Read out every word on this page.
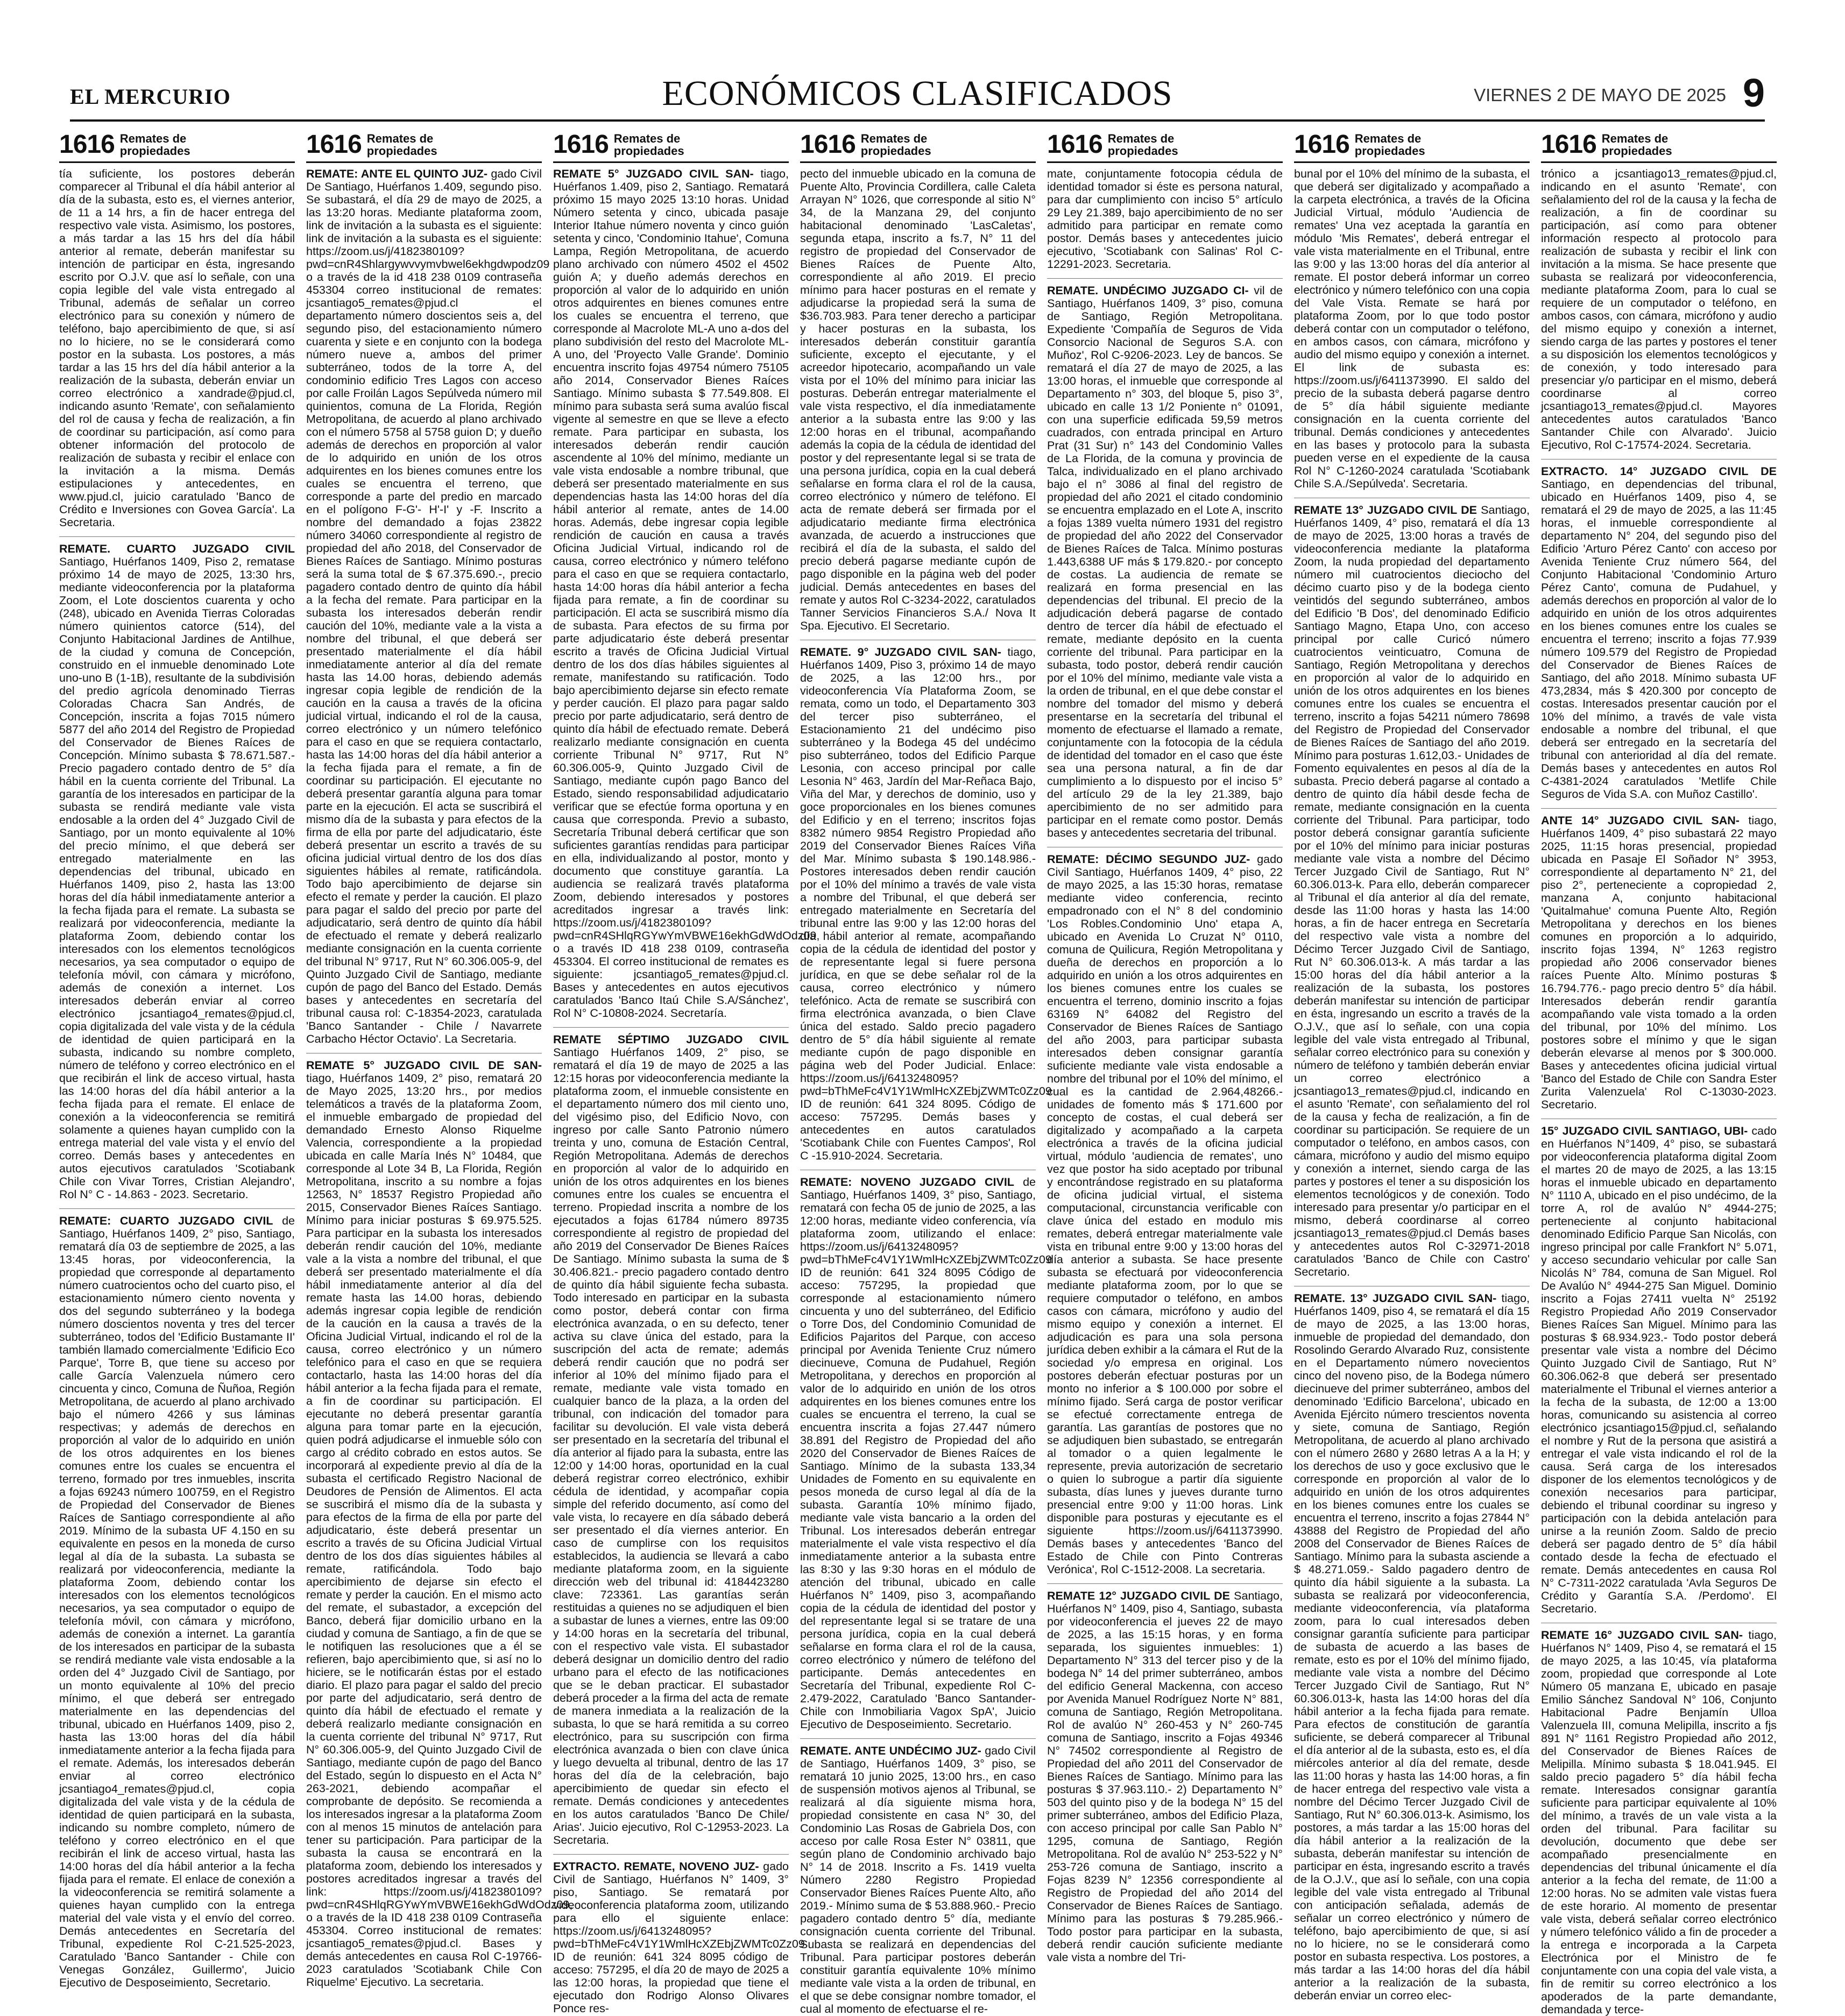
EL MERCURIO	ECONÓMICOS CLASIFICADOS	VIERNES 2 DE MAYO DE 2025 9
1616 Remates de propiedades

tía suficiente, los postores deberán comparecer al Tribunal el día hábil anterior al día de la subasta, esto es, el viernes anterior, de 11 a 14 hrs, a fin de hacer entrega del respectivo vale vista. Asimismo, los postores, a más tardar a las 15 hrs del día hábil anterior al remate, deberán manifestar su intención de participar en ésta, ingresando escrito por O.J.V. que así lo señale, con una copia legible del vale vista entregado al Tribunal, además de señalar un correo electrónico para su conexión y número de teléfono, bajo apercibimiento de que, si así no lo hiciere, no se le considerará como postor en la subasta. Los postores, a más tardar a las 15 hrs del día hábil anterior a la realización de la subasta, deberán enviar un correo electrónico a xandrade@pjud.cl, indicando asunto 'Remate', con señalamiento del rol de causa y fecha de realización, a fin de coordinar su participación, así como para obtener información del protocolo de realización de subasta y recibir el enlace con la invitación a la misma. Demás estipulaciones y antecedentes, en www.pjud.cl, juicio caratulado 'Banco de Crédito e Inversiones con Govea García'. La Secretaria.

REMATE. CUARTO JUZGADO CIVIL Santiago, Huérfanos 1409, Piso 2, rematase próximo 14 de mayo de 2025, 13:30 hrs, mediante videoconferencia por la plataforma Zoom, el Lote doscientos cuarenta y ocho (248), ubicado en Avenida Tierras Coloradas número quinientos catorce (514), del Conjunto Habitacional Jardines de Antilhue, de la ciudad y comuna de Concepción, construido en el inmueble denominado Lote uno-uno B (1-1B), resultante de la subdivisión del predio agrícola denominado Tierras Coloradas Chacra San Andrés, de Concepción, inscrita a fojas 7015 número 5877 del año 2014 del Registro de Propiedad del Conservador de Bienes Raíces de Concepción. Mínimo subasta $ 78.671.587.- Precio pagadero contado dentro de 5° día hábil en la cuenta corriente del Tribunal. La garantía de los interesados en participar de la subasta se rendirá mediante vale vista endosable a la orden del 4° Juzgado Civil de Santiago, por un monto equivalente al 10% del precio mínimo, el que deberá ser entregado materialmente en las dependencias del tribunal, ubicado en Huérfanos 1409, piso 2, hasta las 13:00 horas del día hábil inmediatamente anterior a la fecha fijada para el remate. La subasta se realizará por videoconferencia, mediante la plataforma Zoom, debiendo contar los interesados con los elementos tecnológicos necesarios, ya sea computador o equipo de telefonía móvil, con cámara y micrófono, además de conexión a internet. Los interesados deberán enviar al correo electrónico jcsantiago4_remates@pjud.cl, copia digitalizada del vale vista y de la cédula de identidad de quien participará en la subasta, indicando su nombre completo, número de teléfono y correo electrónico en el que recibirán el link de acceso virtual, hasta las 14:00 horas del día hábil anterior a la fecha fijada para el remate. El enlace de conexión a la videoconferencia se remitirá solamente a quienes hayan cumplido con la entrega material del vale vista y el envío del correo. Demás bases y antecedentes en autos ejecutivos caratulados 'Scotiabank Chile con Vivar Torres, Cristian Alejandro', Rol N° C - 14.863 - 2023. Secretario.

REMATE: CUARTO JUZGADO CIVIL de Santiago, Huérfanos 1409, 2° piso, Santiago, rematará día 03 de septiembre de 2025, a las 13:45 horas, por videoconferencia, la propiedad que corresponde al departamento número cuatrocientos ocho del cuarto piso, el estacionamiento número ciento noventa y dos del segundo subterráneo y la bodega número doscientos noventa y tres del tercer subterráneo, todos del 'Edificio Bustamante II' también llamado comercialmente 'Edificio Eco Parque', Torre B, que tiene su acceso por calle García Valenzuela número cero cincuenta y cinco, Comuna de Ñuñoa, Región Metropolitana, de acuerdo al plano archivado bajo el número 4266 y sus láminas respectivas; y además de derechos en proporción al valor de lo adquirido en unión de los otros adquirentes en los bienes comunes entre los cuales se encuentra el terreno, formado por tres inmuebles, inscrita a fojas 69243 número 100759, en el Registro de Propiedad del Conservador de Bienes Raíces de Santiago correspondiente al año 2019. Mínimo de la subasta UF 4.150 en su equivalente en pesos en la moneda de curso legal al día de la subasta. La subasta se realizará por videoconferencia, mediante la plataforma Zoom, debiendo contar los interesados con los elementos tecnológicos necesarios, ya sea computador o equipo de telefonía móvil, con cámara y micrófono, además de conexión a internet. La garantía de los interesados en participar de la subasta se rendirá mediante vale vista endosable a la orden del 4° Juzgado Civil de Santiago, por un monto equivalente al 10% del precio mínimo, el que deberá ser entregado materialmente en las dependencias del tribunal, ubicado en Huérfanos 1409, piso 2, hasta las 13:00 horas del día hábil inmediatamente anterior a la fecha fijada para el remate. Además, los interesados deberán enviar al correo electrónico jcsantiago4_remates@pjud.cl, copia digitalizada del vale vista y de la cédula de identidad de quien participará en la subasta, indicando su nombre completo, número de teléfono y correo electrónico en el que recibirán el link de acceso virtual, hasta las 14:00 horas del día hábil anterior a la fecha fijada para el remate. El enlace de conexión a la videoconferencia se remitirá solamente a quienes hayan cumplido con la entrega material del vale vista y el envío del correo. Demás antecedentes en Secretaría del Tribunal, expediente Rol C-21.525-2023, Caratulado 'Banco Santander - Chile con Venegas González, Guillermo', Juicio Ejecutivo de Desposeimiento, Secretario.

1616 Remates de propiedades

REMATE: ANTE EL QUINTO JUZ- gado Civil De Santiago, Huérfanos 1.409, segundo piso. Se subastará, el día 29 de mayo de 2025, a las 13:20 horas. Mediante plataforma zoom, link de invitación a la subasta es el siguiente: link de invitación a la subasta es el siguiente: https://zoom.us/j/4182380109?pwd=cnR4Shlargywvvymvbwel6ekhgdwpodz09 o a través de la id 418 238 0109 contraseña 453304 correo institucional de remates: jcsantiago5_remates@pjud.cl el departamento número doscientos seis a, del segundo piso, del estacionamiento número cuarenta y siete e en conjunto con la bodega número nueve a, ambos del primer subterráneo, todos de la torre A, del condominio edificio Tres Lagos con acceso por calle Froilán Lagos Sepúlveda número mil quinientos, comuna de La Florida, Región Metropolitana, de acuerdo al plano archivado con el número 5758 al 5758 guion D; y dueño además de derechos en proporción al valor de lo adquirido en unión de los otros adquirentes en los bienes comunes entre los cuales se encuentra el terreno, que corresponde a parte del predio en marcado en el polígono F-G'- H'-I' y -F. Inscrito a nombre del demandado a fojas 23822 número 34060 correspondiente al registro de propiedad del año 2018, del Conservador de Bienes Raíces de Santiago. Mínimo posturas será la suma total de $ 67.375.690.-, precio pagadero contado dentro de quinto día hábil a la fecha del remate. Para participar en la subasta los interesados deberán rendir caución del 10%, mediante vale a la vista a nombre del tribunal, el que deberá ser presentado materialmente el día hábil inmediatamente anterior al día del remate hasta las 14.00 horas, debiendo además ingresar copia legible de rendición de la caución en la causa a través de la oficina judicial virtual, indicando el rol de la causa, correo electrónico y un número telefónico para el caso en que se requiera contactarlo, hasta las 14:00 horas del día hábil anterior a la fecha fijada para el remate, a fin de coordinar su participación. El ejecutante no deberá presentar garantía alguna para tomar parte en la ejecución. El acta se suscribirá el mismo día de la subasta y para efectos de la firma de ella por parte del adjudicatario, éste deberá presentar un escrito a través de su oficina judicial virtual dentro de los dos días siguientes hábiles al remate, ratificándola. Todo bajo apercibimiento de dejarse sin efecto el remate y perder la caución. El plazo para pagar el saldo del precio por parte del adjudicatario, será dentro de quinto día hábil de efectuado el remate y deberá realizarlo mediante consignación en la cuenta corriente del tribunal N° 9717, Rut N° 60.306.005-9, del Quinto Juzgado Civil de Santiago, mediante cupón de pago del Banco del Estado. Demás bases y antecedentes en secretaría del tribunal causa rol: C-18354-2023, caratulada 'Banco Santander - Chile / Navarrete Carbacho Héctor Octavio'. La Secretaria.

REMATE 5° JUZGADO CIVIL DE SAN- tiago, Huérfanos 1409, 2° piso, rematará 20 de Mayo 2025, 13:20 hrs., por medios telemáticos a través de la plataforma Zoom, el inmueble embargado de propiedad del demandado Ernesto Alonso Riquelme Valencia, correspondiente a la propiedad ubicada en calle María Inés N° 10484, que corresponde al Lote 34 B, La Florida, Región Metropolitana, inscrito a su nombre a fojas 12563, N° 18537 Registro Propiedad año 2015, Conservador Bienes Raíces Santiago. Mínimo para iniciar posturas $ 69.975.525. Para participar en la subasta los interesados deberán rendir caución del 10%, mediante vale a la vista a nombre del tribunal, el que deberá ser presentado materialmente el día hábil inmediatamente anterior al día del remate hasta las 14.00 horas, debiendo además ingresar copia legible de rendición de la caución en la causa a través de la Oficina Judicial Virtual, indicando el rol de la causa, correo electrónico y un número telefónico para el caso en que se requiera contactarlo, hasta las 14:00 horas del día hábil anterior a la fecha fijada para el remate, a fin de coordinar su participación. El ejecutante no deberá presentar garantía alguna para tomar parte en la ejecución, quien podrá adjudicarse el inmueble sólo con cargo al crédito cobrado en estos autos. Se incorporará al expediente previo al día de la subasta el certificado Registro Nacional de Deudores de Pensión de Alimentos. El acta se suscribirá el mismo día de la subasta y para efectos de la firma de ella por parte del adjudicatario, éste deberá presentar un escrito a través de su Oficina Judicial Virtual dentro de los dos días siguientes hábiles al remate, ratificándola. Todo bajo apercibimiento de dejarse sin efecto el remate y perder la caución. En el mismo acto del remate, el subastador, a excepción del Banco, deberá fijar domicilio urbano en la ciudad y comuna de Santiago, a fin de que se le notifiquen las resoluciones que a él se refieren, bajo apercibimiento que, si así no lo hiciere, se le notificarán éstas por el estado diario. El plazo para pagar el saldo del precio por parte del adjudicatario, será dentro de quinto día hábil de efectuado el remate y deberá realizarlo mediante consignación en la cuenta corriente del tribunal N° 9717, Rut N° 60.306.005-9, del Quinto Juzgado Civil de Santiago, mediante cupón de pago del Banco del Estado, según lo dispuesto en el Acta N° 263-2021, debiendo acompañar el comprobante de depósito. Se recomienda a los interesados ingresar a la plataforma Zoom con al menos 15 minutos de antelación para tener su participación. Para participar de la subasta la causa se encontrará en la plataforma zoom, debiendo los interesados y postores acreditados ingresar a través del link: https://zoom.us/j/4182380109?pwd=cnR4SHlqRGYwYmVBWE16ekhGdWdOdz09, o a través de la ID 418 238 0109 Contraseña 453304. Correo institucional de remates: jcsantiago5_remates@pjud.cl. Bases y demás antecedentes en causa Rol C-19766-2023 caratulados 'Scotiabank Chile Con Riquelme' Ejecutivo. La secretaria.

1616 Remates de propiedades

REMATE 5° JUZGADO CIVIL SAN- tiago, Huérfanos 1.409, piso 2, Santiago. Rematará próximo 15 mayo 2025 13:10 horas. Unidad Número setenta y cinco, ubicada pasaje Interior Itahue número noventa y cinco guión setenta y cinco, 'Condominio Itahue', Comuna Lampa, Región Metropolitana, de acuerdo plano archivado con número 4502 el 4502 guión A; y dueño además derechos en proporción al valor de lo adquirido en unión otros adquirentes en bienes comunes entre los cuales se encuentra el terreno, que corresponde al Macrolote ML-A uno a-dos del plano subdivisión del resto del Macrolote ML-A uno, del 'Proyecto Valle Grande'. Dominio encuentra inscrito fojas 49754 número 75105 año 2014, Conservador Bienes Raíces Santiago. Mínimo subasta $ 77.549.808. El mínimo para subasta será suma avalúo fiscal vigente al semestre en que se lleve a efecto remate. Para participar en subasta, los interesados deberán rendir caución ascendente al 10% del mínimo, mediante un vale vista endosable a nombre tribunal, que deberá ser presentado materialmente en sus dependencias hasta las 14:00 horas del día hábil anterior al remate, antes de 14.00 horas. Además, debe ingresar copia legible rendición de caución en causa a través Oficina Judicial Virtual, indicando rol de causa, correo electrónico y número teléfono para el caso en que se requiera contactarlo, hasta 14:00 horas día hábil anterior a fecha fijada para remate, a fin de coordinar su participación. El acta se suscribirá mismo día de subasta. Para efectos de su firma por parte adjudicatario éste deberá presentar escrito a través de Oficina Judicial Virtual dentro de los dos días hábiles siguientes al remate, manifestando su ratificación. Todo bajo apercibimiento dejarse sin efecto remate y perder caución. El plazo para pagar saldo precio por parte adjudicatario, será dentro de quinto día hábil de efectuado remate. Deberá realizarlo mediante consignación en cuenta corriente Tribunal N° 9717, Rut N° 60.306.005-9, Quinto Juzgado Civil de Santiago, mediante cupón pago Banco del Estado, siendo responsabilidad adjudicatario verificar que se efectúe forma oportuna y en causa que corresponda. Previo a subasto, Secretaría Tribunal deberá certificar que son suficientes garantías rendidas para participar en ella, individualizando al postor, monto y documento que constituye garantía. La audiencia se realizará través plataforma Zoom, debiendo interesados y postores acreditados ingresar a través link: https://zoom.us/j/4182380109? pwd=cnR4SHlqRGYwYmVBWE16ekhGdWdOdz09, o a través ID 418 238 0109, contraseña 453304. El correo institucional de remates es siguiente: jcsantiago5_remates@pjud.cl. Bases y antecedentes en autos ejecutivos caratulados 'Banco Itaú Chile S.A/Sánchez', Rol N° C-10808-2024. Secretaría.

REMATE SÉPTIMO JUZGADO CIVIL Santiago Huérfanos 1409, 2° piso, se rematará el día 19 de mayo de 2025 a las 12:15 horas por videoconferencia mediante la plataforma zoom, el inmueble consistente en el departamento número dos mil ciento uno, del vigésimo piso, del Edificio Novo, con ingreso por calle Santo Patronio número treinta y uno, comuna de Estación Central, Región Metropolitana. Además de derechos en proporción al valor de lo adquirido en unión de los otros adquirentes en los bienes comunes entre los cuales se encuentra el terreno. Propiedad inscrita a nombre de los ejecutados a fojas 61784 número 89735 correspondiente al registro de propiedad del año 2019 del Conservador De Bienes Raíces De Santiago. Mínimo subasta la suma de $ 30.406.821.- precio pagadero contado dentro de quinto día hábil siguiente fecha subasta. Todo interesado en participar en la subasta como postor, deberá contar con firma electrónica avanzada, o en su defecto, tener activa su clave única del estado, para la suscripción del acta de remate; además deberá rendir caución que no podrá ser inferior al 10% del mínimo fijado para el remate, mediante vale vista tomado en cualquier banco de la plaza, a la orden del tribunal, con indicación del tomador para facilitar su devolución. El vale vista deberá ser presentado en la secretaría del tribunal el día anterior al fijado para la subasta, entre las 12:00 y 14:00 horas, oportunidad en la cual deberá registrar correo electrónico, exhibir cédula de identidad, y acompañar copia simple del referido documento, así como del vale vista, lo recayere en día sábado deberá ser presentado el día viernes anterior. En caso de cumplirse con los requisitos establecidos, la audiencia se llevará a cabo mediante plataforma zoom, en la siguiente dirección web del tribunal id: 4184423280 clave: 723361. Las garantías serán restituidas a quienes no se adjudiquen el bien a subastar de lunes a viernes, entre las 09:00 y 14:00 horas en la secretaría del tribunal, con el respectivo vale vista. El subastador deberá designar un domicilio dentro del radio urbano para el efecto de las notificaciones que se le deban practicar. El subastador deberá proceder a la firma del acta de remate de manera inmediata a la realización de la subasta, lo que se hará remitida a su correo electrónico, para su suscripción con firma electrónica avanzada o bien con clave única y luego devuelta al tribunal, dentro de las 17 horas del día de la celebración, bajo apercibimiento de quedar sin efecto el remate. Demás condiciones y antecedentes en los autos caratulados 'Banco De Chile/ Arias'. Juicio ejecutivo, Rol C-12953-2023. La Secretaria.

EXTRACTO. REMATE, NOVENO JUZ- gado Civil de Santiago, Huérfanos N° 1409, 3° piso, Santiago. Se rematará por videoconferencia plataforma zoom, utilizando para ello el siguiente enlace: https://zoom.us/j/6413248095?pwd=bThMeFc4V1Y1WmlHcXZEbjZWMTc0Zz09 ID de reunión: 641 324 8095 código de acceso: 757295, el día 20 de mayo de 2025 a las 12:00 horas, la propiedad que tiene el ejecutado don Rodrigo Alonso Olivares Ponce res-

1616 Remates de propiedades

pecto del inmueble ubicado en la comuna de Puente Alto, Provincia Cordillera, calle Caleta Arrayan N° 1026, que corresponde al sitio N° 34, de la Manzana 29, del conjunto habitacional denominado 'LasCaletas', segunda etapa, inscrito a fs.7, N° 11 del registro de propiedad del Conservador de Bienes Raíces de Puente Alto, correspondiente al año 2019. El precio mínimo para hacer posturas en el remate y adjudicarse la propiedad será la suma de $36.703.983. Para tener derecho a participar y hacer posturas en la subasta, los interesados deberán constituir garantía suficiente, excepto el ejecutante, y el acreedor hipotecario, acompañando un vale vista por el 10% del mínimo para iniciar las posturas. Deberán entregar materialmente el vale vista respectivo, el día inmediatamente anterior a la subasta entre las 9:00 y las 12:00 horas en el tribunal, acompañando además la copia de la cédula de identidad del postor y del representante legal si se trata de una persona jurídica, copia en la cual deberá señalarse en forma clara el rol de la causa, correo electrónico y número de teléfono. El acta de remate deberá ser firmada por el adjudicatario mediante firma electrónica avanzada, de acuerdo a instrucciones que recibirá el día de la subasta, el saldo del precio deberá pagarse mediante cupón de pago disponible en la página web del poder judicial. Demás antecedentes en bases del remate y autos Rol C-3234-2022, caratulados Tanner Servicios Financieros S.A./ Nova It Spa. Ejecutivo. El Secretario.

REMATE. 9° JUZGADO CIVIL SAN- tiago, Huérfanos 1409, Piso 3, próximo 14 de mayo de 2025, a las 12:00 hrs., por videoconferencia Vía Plataforma Zoom, se remata, como un todo, el Departamento 303 del tercer piso subterráneo, el Estacionamiento 21 del undécimo piso subterráneo y la Bodega 45 del undécimo piso subterráneo, todos del Edificio Parque Lesonia, con acceso principal por calle Lesonia N° 463, Jardín del Mar-Reñaca Bajo, Viña del Mar, y derechos de dominio, uso y goce proporcionales en los bienes comunes del Edificio y en el terreno; inscritos fojas 8382 número 9854 Registro Propiedad año 2019 del Conservador Bienes Raíces Viña del Mar. Mínimo subasta $ 190.148.986.- Postores interesados deben rendir caución por el 10% del mínimo a través de vale vista a nombre del Tribunal, el que deberá ser entregado materialmente en Secretaría del tribunal entre las 9:00 y las 12:00 horas del día hábil anterior al remate, acompañando copia de la cédula de identidad del postor y de representante legal si fuere persona jurídica, en que se debe señalar rol de la causa, correo electrónico y número telefónico. Acta de remate se suscribirá con firma electrónica avanzada, o bien Clave única del estado. Saldo precio pagadero dentro de 5° día hábil siguiente al remate mediante cupón de pago disponible en página web del Poder Judicial. Enlace: https://zoom.us/j/6413248095?pwd=bThMeFc4V1Y1WmlHcXZEbjZWMTc0Zz09 ID de reunión: 641 324 8095. Código de acceso: 757295. Demás bases y antecedentes en autos caratulados 'Scotiabank Chile con Fuentes Campos', Rol C -15.910-2024. Secretaria.

REMATE: NOVENO JUZGADO CIVIL de Santiago, Huérfanos 1409, 3° piso, Santiago, rematará con fecha 05 de junio de 2025, a las 12:00 horas, mediante video conferencia, vía plataforma zoom, utilizando el enlace: https://zoom.us/j/6413248095?pwd=bThMeFc4V1Y1WmlHcXZEbjZWMTc0Zz09 ID de reunión: 641 324 8095 Código de acceso: 757295, la propiedad que corresponde al estacionamiento número cincuenta y uno del subterráneo, del Edificio o Torre Dos, del Condominio Comunidad de Edificios Pajaritos del Parque, con acceso principal por Avenida Teniente Cruz número diecinueve, Comuna de Pudahuel, Región Metropolitana, y derechos en proporción al valor de lo adquirido en unión de los otros adquirentes en los bienes comunes entre los cuales se encuentra el terreno, la cual se encuentra inscrita a fojas 27.447 número 38.891 del Registro de Propiedad del año 2020 del Conservador de Bienes Raíces de Santiago. Mínimo de la subasta 133,34 Unidades de Fomento en su equivalente en pesos moneda de curso legal al día de la subasta. Garantía 10% mínimo fijado, mediante vale vista bancario a la orden del Tribunal. Los interesados deberán entregar materialmente el vale vista respectivo el día inmediatamente anterior a la subasta entre las 8:30 y las 9:30 horas en el módulo de atención del tribunal, ubicado en calle Huérfanos N° 1409, piso 3, acompañando copia de la cédula de identidad del postor y del representante legal si se tratare de una persona jurídica, copia en la cual deberá señalarse en forma clara el rol de la causa, correo electrónico y número de teléfono del participante. Demás antecedentes en Secretaría del Tribunal, expediente Rol C-2.479-2022, Caratulado 'Banco Santander- Chile con Inmobiliaria Vagox SpA', Juicio Ejecutivo de Desposeimiento. Secretario.

REMATE. ANTE UNDÉCIMO JUZ- gado Civil de Santiago, Huérfanos 1409, 3° piso, se rematará 10 junio 2025, 13:00 hrs., en caso de suspensión motivos ajenos al Tribunal, se realizará al día siguiente misma hora, propiedad consistente en casa N° 30, del Condominio Las Rosas de Gabriela Dos, con acceso por calle Rosa Ester N° 03811, que según plano de Condominio archivado bajo N° 14 de 2018. Inscrito a Fs. 1419 vuelta Número 2280 Registro Propiedad Conservador Bienes Raíces Puente Alto, año 2019.- Mínimo suma de $ 53.888.960.- Precio pagadero contado dentro 5° día, mediante consignación cuenta corriente del Tribunal. Subasta se realizará en dependencias del Tribunal. Para participar postores deberán constituir garantía equivalente 10% mínimo mediante vale vista a la orden de tribunal, en el que se debe consignar nombre tomador, el cual al momento de efectuarse el re-

1616 Remates de propiedades

mate, conjuntamente fotocopia cédula de identidad tomador si éste es persona natural, para dar cumplimiento con inciso 5° artículo 29 Ley 21.389, bajo apercibimiento de no ser admitido para participar en remate como postor. Demás bases y antecedentes juicio ejecutivo, 'Scotiabank con Salinas' Rol C-12291-2023. Secretaria.

REMATE. UNDÉCIMO JUZGADO CI- vil de Santiago, Huérfanos 1409, 3° piso, comuna de Santiago, Región Metropolitana. Expediente 'Compañía de Seguros de Vida Consorcio Nacional de Seguros S.A. con Muñoz', Rol C-9206-2023. Ley de bancos. Se rematará el día 27 de mayo de 2025, a las 13:00 horas, el inmueble que corresponde al Departamento n° 303, del bloque 5, piso 3°, ubicado en calle 13 1/2 Poniente n° 01091, con una superficie edificada 59,59 metros cuadrados, con entrada principal en Arturo Prat (31 Sur) n° 143 del Condominio Valles de La Florida, de la comuna y provincia de Talca, individualizado en el plano archivado bajo el n° 3086 al final del registro de propiedad del año 2021 el citado condominio se encuentra emplazado en el Lote A, inscrito a fojas 1389 vuelta número 1931 del registro de propiedad del año 2022 del Conservador de Bienes Raíces de Talca. Mínimo posturas 1.443,6388 UF más $ 179.820.- por concepto de costas. La audiencia de remate se realizará en forma presencial en las dependencias del tribunal. El precio de la adjudicación deberá pagarse de contado dentro de tercer día hábil de efectuado el remate, mediante depósito en la cuenta corriente del tribunal. Para participar en la subasta, todo postor, deberá rendir caución por el 10% del mínimo, mediante vale vista a la orden de tribunal, en el que debe constar el nombre del tomador del mismo y deberá presentarse en la secretaría del tribunal el momento de efectuarse el llamado a remate, conjuntamente con la fotocopia de la cédula de identidad del tomador en el caso que éste sea una persona natural, a fin de dar cumplimiento a lo dispuesto por el inciso 5° del artículo 29 de la ley 21.389, bajo apercibimiento de no ser admitido para participar en el remate como postor. Demás bases y antecedentes secretaria del tribunal.

REMATE: DÉCIMO SEGUNDO JUZ- gado Civil Santiago, Huérfanos 1409, 4° piso, 22 de mayo 2025, a las 15:30 horas, rematase mediante video conferencia, recinto empadronado con el N° 8 del condominio 'Los Robles.Condominio Uno' etapa A, ubicado en Avenida Lo Cruzat N° 0110, comuna de Quilicura, Región Metropolitana y dueña de derechos en proporción a lo adquirido en unión a los otros adquirentes en los bienes comunes entre los cuales se encuentra el terreno, dominio inscrito a fojas 63169 N° 64082 del Registro del Conservador de Bienes Raíces de Santiago del año 2003, para participar subasta interesados deben consignar garantía suficiente mediante vale vista endosable a nombre del tribunal por el 10% del mínimo, el cual es la cantidad de 2.964,48266.- unidades de fomento más $ 171.600 por concepto de costas, el cual deberá ser digitalizado y acompañado a la carpeta electrónica a través de la oficina judicial virtual, módulo 'audiencia de remates', uno vez que postor ha sido aceptado por tribunal y encontrándose registrado en su plataforma de oficina judicial virtual, el sistema computacional, circunstancia verificable con clave única del estado en modulo mis remates, deberá entregar materialmente vale vista en tribunal entre 9:00 y 13:00 horas del día anterior a subasta. Se hace presente subasta se efectuará por videoconferencia mediante plataforma zoom, por lo que se requiere computador o teléfono, en ambos casos con cámara, micrófono y audio del mismo equipo y conexión a internet. El adjudicación es para una sola persona jurídica deben exhibir a la cámara el Rut de la sociedad y/o empresa en original. Los postores deberán efectuar posturas por un monto no inferior a $ 100.000 por sobre el mínimo fijado. Será carga de postor verificar se efectué correctamente entrega de garantía. Las garantías de postores que no se adjudiquen bien subastado, se entregarán al tomador o a quien legalmente le represente, previa autorización de secretario o quien lo subrogue a partir día siguiente subasta, días lunes y jueves durante turno presencial entre 9:00 y 11:00 horas. Link disponible para posturas y ejecutante es el siguiente https://zoom.us/j/6411373990. Demás bases y antecedentes 'Banco del Estado de Chile con Pinto Contreras Verónica', Rol C-1512-2008. La secretaria.

REMATE 12° JUZGADO CIVIL DE Santiago, Huérfanos N° 1409, piso 4, Santiago, subasta por videoconferencia el jueves 22 de mayo de 2025, a las 15:15 horas, y en forma separada, los siguientes inmuebles: 1) Departamento N° 313 del tercer piso y de la bodega N° 14 del primer subterráneo, ambos del edificio General Mackenna, con acceso por Avenida Manuel Rodríguez Norte N° 881, comuna de Santiago, Región Metropolitana. Rol de avalúo N° 260-453 y N° 260-745 comuna de Santiago, inscrito a Fojas 49346 N° 74502 correspondiente al Registro de Propiedad del año 2011 del Conservador de Bienes Raíces de Santiago. Mínimo para las posturas $ 37.963.110.- 2) Departamento N° 503 del quinto piso y de la bodega N° 15 del primer subterráneo, ambos del Edificio Plaza, con acceso principal por calle San Pablo N° 1295, comuna de Santiago, Región Metropolitana. Rol de avalúo N° 253-522 y N° 253-726 comuna de Santiago, inscrito a Fojas 8239 N° 12356 correspondiente al Registro de Propiedad del año 2014 del Conservador de Bienes Raíces de Santiago. Mínimo para las posturas $ 79.285.966.- Todo postor para participar en la subasta, deberá rendir caución suficiente mediante vale vista a nombre del Tri-

1616 Remates de propiedades

bunal por el 10% del mínimo de la subasta, el que deberá ser digitalizado y acompañado a la carpeta electrónica, a través de la Oficina Judicial Virtual, módulo 'Audiencia de remates' Una vez aceptada la garantía en módulo 'Mis Remates', deberá entregar el vale vista materialmente en el Tribunal, entre las 9:00 y las 13:00 horas del día anterior al remate. El postor deberá informar un correo electrónico y número telefónico con una copia del Vale Vista. Remate se hará por plataforma Zoom, por lo que todo postor deberá contar con un computador o teléfono, en ambos casos, con cámara, micrófono y audio del mismo equipo y conexión a internet. El link de subasta es: https://zoom.us/j/6411373990. El saldo del precio de la subasta deberá pagarse dentro de 5° día hábil siguiente mediante consignación en la cuenta corriente del tribunal. Demás condiciones y antecedentes en las bases y protocolo para la subasta pueden verse en el expediente de la causa Rol N° C-1260-2024 caratulada 'Scotiabank Chile S.A./Sepúlveda'. Secretaria.

REMATE 13° JUZGADO CIVIL DE Santiago, Huérfanos 1409, 4° piso, rematará el día 13 de mayo de 2025, 13:00 horas a través de videoconferencia mediante la plataforma Zoom, la nuda propiedad del departamento número mil cuatrocientos dieciocho del décimo cuarto piso y de la bodega ciento veintidós del segundo subterráneo, ambos del Edificio 'B Dos', del denominado Edificio Santiago Magno, Etapa Uno, con acceso principal por calle Curicó número cuatrocientos veinticuatro, Comuna de Santiago, Región Metropolitana y derechos en proporción al valor de lo adquirido en unión de los otros adquirentes en los bienes comunes entre los cuales se encuentra el terreno, inscrito a fojas 54211 número 78698 del Registro de Propiedad del Conservador de Bienes Raíces de Santiago del año 2019. Mínimo para posturas 1.612,03.- Unidades de Fomento equivalentes en pesos al día de la subasta. Precio deberá pagarse al contado a dentro de quinto día hábil desde fecha de remate, mediante consignación en la cuenta corriente del Tribunal. Para participar, todo postor deberá consignar garantía suficiente por el 10% del mínimo para iniciar posturas mediante vale vista a nombre del Décimo Tercer Juzgado Civil de Santiago, Rut N° 60.306.013-k. Para ello, deberán comparecer al Tribunal el día anterior al día del remate, desde las 11:00 horas y hasta las 14:00 horas, a fin de hacer entrega en Secretaría del respectivo vale vista a nombre del Décimo Tercer Juzgado Civil de Santiago, Rut N° 60.306.013-k. A más tardar a las 15:00 horas del día hábil anterior a la realización de la subasta, los postores deberán manifestar su intención de participar en ésta, ingresando un escrito a través de la O.J.V., que así lo señale, con una copia legible del vale vista entregado al Tribunal, señalar correo electrónico para su conexión y número de teléfono y también deberán enviar un correo electrónico a jcsantiago13_remates@pjud.cl, indicando en el asunto 'Remate', con señalamiento del rol de la causa y fecha de realización, a fin de coordinar su participación. Se requiere de un computador o teléfono, en ambos casos, con cámara, micrófono y audio del mismo equipo y conexión a internet, siendo carga de las partes y postores el tener a su disposición los elementos tecnológicos y de conexión. Todo interesado para presentar y/o participar en el mismo, deberá coordinarse al correo jcsantiago13_remates@pjud.cl Demás bases y antecedentes autos Rol C-32971-2018 caratulados 'Banco de Chile con Castro' Secretario.

REMATE. 13° JUZGADO CIVIL SAN- tiago, Huérfanos 1409, piso 4, se rematará el día 15 de mayo de 2025, a las 13:00 horas, inmueble de propiedad del demandado, don Rosolindo Gerardo Alvarado Ruz, consistente en el Departamento número novecientos cinco del noveno piso, de la Bodega número diecinueve del primer subterráneo, ambos del denominado 'Edificio Barcelona', ubicado en Avenida Ejército número trescientos noventa y siete, comuna de Santiago, Región Metropolitana, de acuerdo al plano archivado con el número 2680 y 2680 letras A a la H; y los derechos de uso y goce exclusivo que le corresponde en proporción al valor de lo adquirido en unión de los otros adquirentes en los bienes comunes entre los cuales se encuentra el terreno, inscrito a fojas 27844 N° 43888 del Registro de Propiedad del año 2008 del Conservador de Bienes Raíces de Santiago. Mínimo para la subasta asciende a $ 48.271.059.- Saldo pagadero dentro de quinto día hábil siguiente a la subasta. La subasta se realizará por videoconferencia, mediante videoconferencia, vía plataforma zoom, para lo cual interesados deben consignar garantía suficiente para participar de subasta de acuerdo a las bases de remate, esto es por el 10% del mínimo fijado, mediante vale vista a nombre del Décimo Tercer Juzgado Civil de Santiago, Rut N° 60.306.013-k, hasta las 14:00 horas del día hábil anterior a la fecha fijada para remate. Para efectos de constitución de garantía suficiente, se deberá comparecer al Tribunal el día anterior al de la subasta, esto es, el día miércoles anterior al día del remate, desde las 11:00 horas y hasta las 14:00 horas, a fin de hacer entrega del respectivo vale vista a nombre del Décimo Tercer Juzgado Civil de Santiago, Rut N° 60.306.013-k. Asimismo, los postores, a más tardar a las 15:00 horas del día hábil anterior a la realización de la subasta, deberán manifestar su intención de participar en ésta, ingresando escrito a través de la O.J.V., que así lo señale, con una copia legible del vale vista entregado al Tribunal con anticipación señalada, además de señalar un correo electrónico y número de teléfono, bajo apercibimiento de que, si así no lo hiciere, no se le considerará como postor en subasta respectiva. Los postores, a más tardar a las 14:00 horas del día hábil anterior a la realización de la subasta, deberán enviar un correo elec-

1616 Remates de propiedades

trónico a jcsantiago13_remates@pjud.cl, indicando en el asunto 'Remate', con señalamiento del rol de la causa y la fecha de realización, a fin de coordinar su participación, así como para obtener información respecto al protocolo para realización de subasta y recibir el link con invitación a la misma. Se hace presente que subasta se realizará por videoconferencia, mediante plataforma Zoom, para lo cual se requiere de un computador o teléfono, en ambos casos, con cámara, micrófono y audio del mismo equipo y conexión a internet, siendo carga de las partes y postores el tener a su disposición los elementos tecnológicos y de conexión, y todo interesado para presenciar y/o participar en el mismo, deberá coordinarse al correo jcsantiago13_remates@pjud.cl. Mayores antecedentes autos caratulados 'Banco Santander Chile con Alvarado'. Juicio Ejecutivo, Rol C-17574-2024. Secretaria.

EXTRACTO. 14° JUZGADO CIVIL DE Santiago, en dependencias del tribunal, ubicado en Huérfanos 1409, piso 4, se rematará el 29 de mayo de 2025, a las 11:45 horas, el inmueble correspondiente al departamento N° 204, del segundo piso del Edificio 'Arturo Pérez Canto' con acceso por Avenida Teniente Cruz número 564, del Conjunto Habitacional 'Condominio Arturo Pérez Canto', comuna de Pudahuel, y además derechos en proporción al valor de lo adquirido en unión de los otros adquirentes en los bienes comunes entre los cuales se encuentra el terreno; inscrito a fojas 77.939 número 109.579 del Registro de Propiedad del Conservador de Bienes Raíces de Santiago, del año 2018. Mínimo subasta UF 473,2834, más $ 420.300 por concepto de costas. Interesados presentar caución por el 10% del mínimo, a través de vale vista endosable a nombre del tribunal, el que deberá ser entregado en la secretaría del tribunal con anterioridad al día del remate. Demás bases y antecedentes en autos Rol C-4381-2024 caratulados 'Metlife Chile Seguros de Vida S.A. con Muñoz Castillo'.

ANTE 14° JUZGADO CIVIL SAN- tiago, Huérfanos 1409, 4° piso subastará 22 mayo 2025, 11:15 horas presencial, propiedad ubicada en Pasaje El Soñador N° 3953, correspondiente al departamento N° 21, del piso 2°, perteneciente a copropiedad 2, manzana A, conjunto habitacional 'Quitalmahue' comuna Puente Alto, Región Metropolitana y derechos en los bienes comunes en proporción a lo adquirido, inscrito fojas 1394, N° 1263 registro propiedad año 2006 conservador bienes raíces Puente Alto. Mínimo posturas $ 16.794.776.- pago precio dentro 5° día hábil. Interesados deberán rendir garantía acompañando vale vista tomado a la orden del tribunal, por 10% del mínimo. Los postores sobre el mínimo y que le sigan deberán elevarse al menos por $ 300.000. Bases y antecedentes oficina judicial virtual 'Banco del Estado de Chile con Sandra Ester Zurita Valenzuela' Rol C-13030-2023. Secretario.

15° JUZGADO CIVIL SANTIAGO, UBI- cado en Huérfanos N°1409, 4° piso, se subastará por videoconferencia plataforma digital Zoom el martes 20 de mayo de 2025, a las 13:15 horas el inmueble ubicado en departamento N° 1110 A, ubicado en el piso undécimo, de la torre A, rol de avalúo N° 4944-275; perteneciente al conjunto habitacional denominado Edificio Parque San Nicolás, con ingreso principal por calle Frankfort N° 5.071, y acceso secundario vehicular por calle San Nicolás N° 784, comuna de San Miguel. Rol De Avalúo N° 4944-275 San Miguel. Dominio inscrito a Fojas 27411 vuelta N° 25192 Registro Propiedad Año 2019 Conservador Bienes Raíces San Miguel. Mínimo para las posturas $ 68.934.923.- Todo postor deberá presentar vale vista a nombre del Décimo Quinto Juzgado Civil de Santiago, Rut N° 60.306.062-8 que deberá ser presentado materialmente el Tribunal el viernes anterior a la fecha de la subasta, de 12:00 a 13:00 horas, comunicando su asistencia al correo electrónico jcsantiago15@pjud.cl, señalando el nombre y Rut de la persona que asistirá a entregar el vale vista indicando el rol de la causa. Será carga de los interesados disponer de los elementos tecnológicos y de conexión necesarios para participar, debiendo el tribunal coordinar su ingreso y participación con la debida antelación para unirse a la reunión Zoom. Saldo de precio deberá ser pagado dentro de 5° día hábil contado desde la fecha de efectuado el remate. Demás antecedentes en causa Rol N° C-7311-2022 caratulada 'Avla Seguros De Crédito y Garantía S.A. /Perdomo'. El Secretario.

REMATE 16° JUZGADO CIVIL SAN- tiago, Huérfanos N° 1409, Piso 4, se rematará el 15 de mayo 2025, a las 10:45, vía plataforma zoom, propiedad que corresponde al Lote Número 05 manzana E, ubicado en pasaje Emilio Sánchez Sandoval N° 106, Conjunto Habitacional Padre Benjamín Ulloa Valenzuela III, comuna Melipilla, inscrito a fjs 891 N° 1161 Registro Propiedad año 2012, del Conservador de Bienes Raíces de Melipilla. Mínimo subasta $ 18.041.945. El saldo precio pagadero 5° día hábil fecha remate. Interesados consignar garantía suficiente para participar equivalente al 10% del mínimo, a través de un vale vista a la orden del tribunal. Para facilitar su devolución, documento que debe ser acompañado presencialmente en dependencias del tribunal únicamente el día anterior a la fecha del remate, de 11:00 a 12:00 horas. No se admiten vale vistas fuera de este horario. Al momento de presentar vale vista, deberá señalar correo electrónico y número telefónico válido a fin de proceder a la entrega e incorporada a la Carpeta Electrónica por el Ministro de fe conjuntamente con una copia del vale vista, a fin de remitir su correo electrónico a los apoderados de la parte demandante, demandada y terce-
